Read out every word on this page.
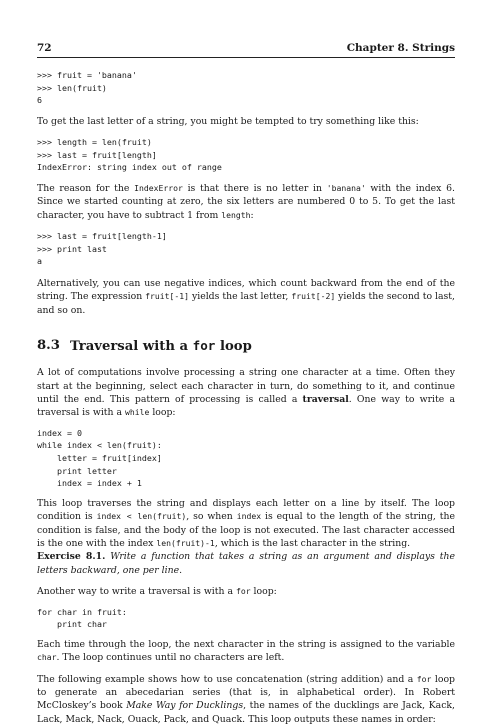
72	Chapter 8. Strings
>>> fruit = 'banana'
>>> len(fruit)
6

To get the last letter of a string, you might be tempted to try something like this:

>>> length = len(fruit)
>>> last = fruit[length]
IndexError: string index out of range

The reason for the IndexError is that there is no letter in 'banana' with the index 6. Since we started counting at zero, the six letters are numbered 0 to 5. To get the last character, you have to subtract 1 from length:

>>> last = fruit[length-1]
>>> print last
a

Alternatively, you can use negative indices, which count backward from the end of the string. The expression fruit[-1] yields the last letter, fruit[-2] yields the second to last, and so on.

8.3 Traversal with a for loop

A lot of computations involve processing a string one character at a time. Often they start at the beginning, select each character in turn, do something to it, and continue until the end. This pattern of processing is called a traversal. One way to write a traversal is with a while loop:

index = 0
while index < len(fruit):
letter = fruit[index]
print letter
index = index + 1

This loop traverses the string and displays each letter on a line by itself. The loop condition is index < len(fruit), so when index is equal to the length of the string, the condition is false, and the body of the loop is not executed. The last character accessed is the one with the index len(fruit)-1, which is the last character in the string.

Exercise 8.1. Write a function that takes a string as an argument and displays the letters backward, one per line.

Another way to write a traversal is with a for loop:

for char in fruit:
print char

Each time through the loop, the next character in the string is assigned to the variable char. The loop continues until no characters are left.

The following example shows how to use concatenation (string addition) and a for loop to generate an abecedarian series (that is, in alphabetical order). In Robert McCloskey’s book Make Way for Ducklings, the names of the ducklings are Jack, Kack, Lack, Mack, Nack, Ouack, Pack, and Quack. This loop outputs these names in order:
